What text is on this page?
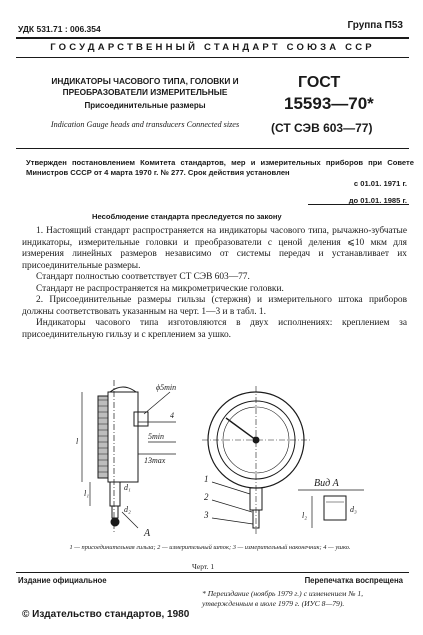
УДК 531.71 : 006.354	Группа П53
ГОСУДАРСТВЕННЫЙ СТАНДАРТ СОЮЗА ССР
ИНДИКАТОРЫ ЧАСОВОГО ТИПА, ГОЛОВКИ И ПРЕОБРАЗОВАТЕЛИ ИЗМЕРИТЕЛЬНЫЕ
Присоединительные размеры
Indication Gauge heads and transducers Connected sizes
ГОСТ
15593—70*
(СТ СЭВ 603—77)
Утвержден постановлением Комитета стандартов, мер и измерительных приборов при Совете Министров СССР от 4 марта 1970 г. № 277. Срок действия установлен
с 01.01. 1971 г.
до 01.01. 1985 г.
Несоблюдение стандарта преследуется по закону

1. Настоящий стандарт распространяется на индикаторы часового типа, рычажно-зубчатые индикаторы, измерительные головки и преобразователи с ценой деления ⩽10 мкм для измерения линейных размеров независимо от системы передач и устанавливает их присоединительные размеры.

Стандарт полностью соответствует СТ СЭВ 603—77.

Стандарт не распространяется на микрометрические головки.

2. Присоединительные размеры гильзы (стержня) и измерительного штока приборов должны соответствовать указанным на черт. 1—3 и в табл. 1.

Индикаторы часового типа изготовляются в двух исполнениях: креплением за присоединительную гильзу и с креплением за ушко.

ϕ5min
4
5min
13max
l₁
d₁
d₂
A
l
1
2
3
Вид А
l₂
d₃
1 — присоединительная гильза; 2 — измерительный шток; 3 — измерительный наконечник; 4 — ушко.
Черт. 1
Издание официальное	Перепечатка воспрещена
* Переиздание (ноябрь 1979 г.) с изменением № 1, утвержденным в июле 1979 г. (ИУС 8—79).
© Издательство стандартов, 1980
